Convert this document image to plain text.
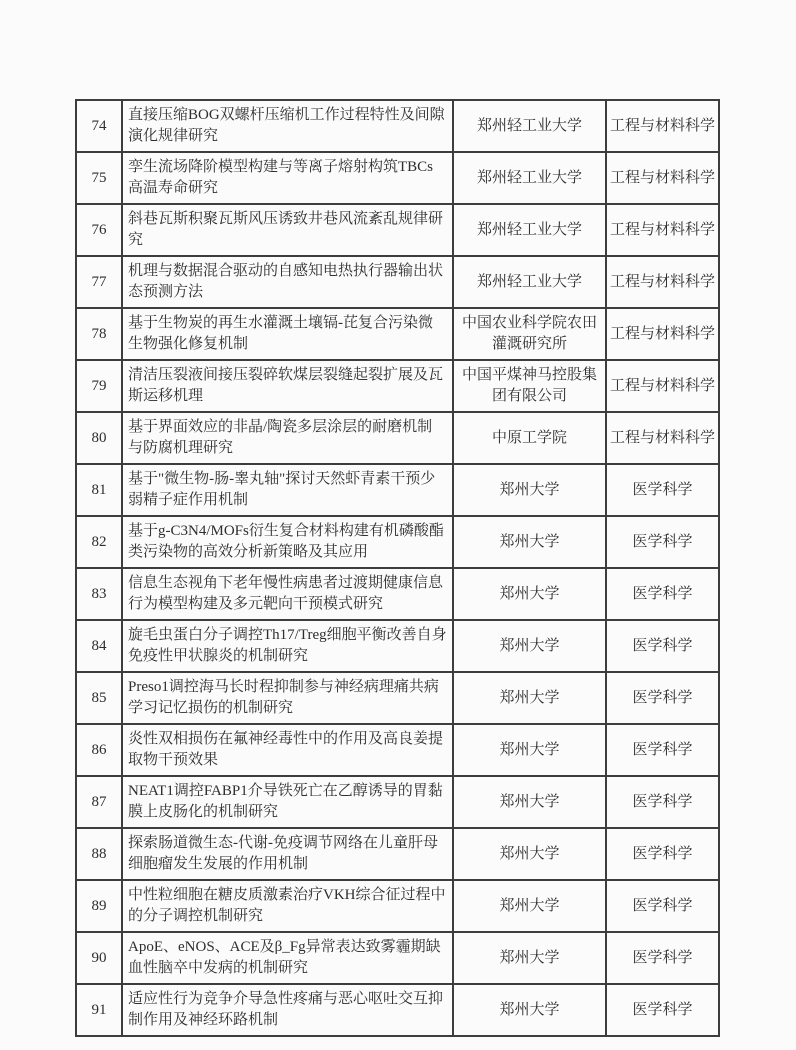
74	直接压缩BOG双螺杆压缩机工作过程特性及间隙演化规律研究	郑州轻工业大学	工程与材料科学
75	孪生流场降阶模型构建与等离子熔射构筑TBCs高温寿命研究	郑州轻工业大学	工程与材料科学
76	斜巷瓦斯积聚瓦斯风压诱致井巷风流紊乱规律研究	郑州轻工业大学	工程与材料科学
77	机理与数据混合驱动的自感知电热执行器输出状态预测方法	郑州轻工业大学	工程与材料科学
78	基于生物炭的再生水灌溉土壤镉-芘复合污染微生物强化修复机制	中国农业科学院农田灌溉研究所	工程与材料科学
79	清洁压裂液间接压裂碎软煤层裂缝起裂扩展及瓦斯运移机理	中国平煤神马控股集团有限公司	工程与材料科学
80	基于界面效应的非晶/陶瓷多层涂层的耐磨机制与防腐机理研究	中原工学院	工程与材料科学
81	基于"微生物-肠-睾丸轴"探讨天然虾青素干预少弱精子症作用机制	郑州大学	医学科学
82	基于g-C3N4/MOFs衍生复合材料构建有机磷酸酯类污染物的高效分析新策略及其应用	郑州大学	医学科学
83	信息生态视角下老年慢性病患者过渡期健康信息行为模型构建及多元靶向干预模式研究	郑州大学	医学科学
84	旋毛虫蛋白分子调控Th17/Treg细胞平衡改善自身免疫性甲状腺炎的机制研究	郑州大学	医学科学
85	Preso1调控海马长时程抑制参与神经病理痛共病学习记忆损伤的机制研究	郑州大学	医学科学
86	炎性双相损伤在氟神经毒性中的作用及高良姜提取物干预效果	郑州大学	医学科学
87	NEAT1调控FABP1介导铁死亡在乙醇诱导的胃黏膜上皮肠化的机制研究	郑州大学	医学科学
88	探索肠道微生态-代谢-免疫调节网络在儿童肝母细胞瘤发生发展的作用机制	郑州大学	医学科学
89	中性粒细胞在糖皮质激素治疗VKH综合征过程中的分子调控机制研究	郑州大学	医学科学
90	ApoE、eNOS、ACE及β_Fg异常表达致雾霾期缺血性脑卒中发病的机制研究	郑州大学	医学科学
91	适应性行为竞争介导急性疼痛与恶心呕吐交互抑制作用及神经环路机制	郑州大学	医学科学
